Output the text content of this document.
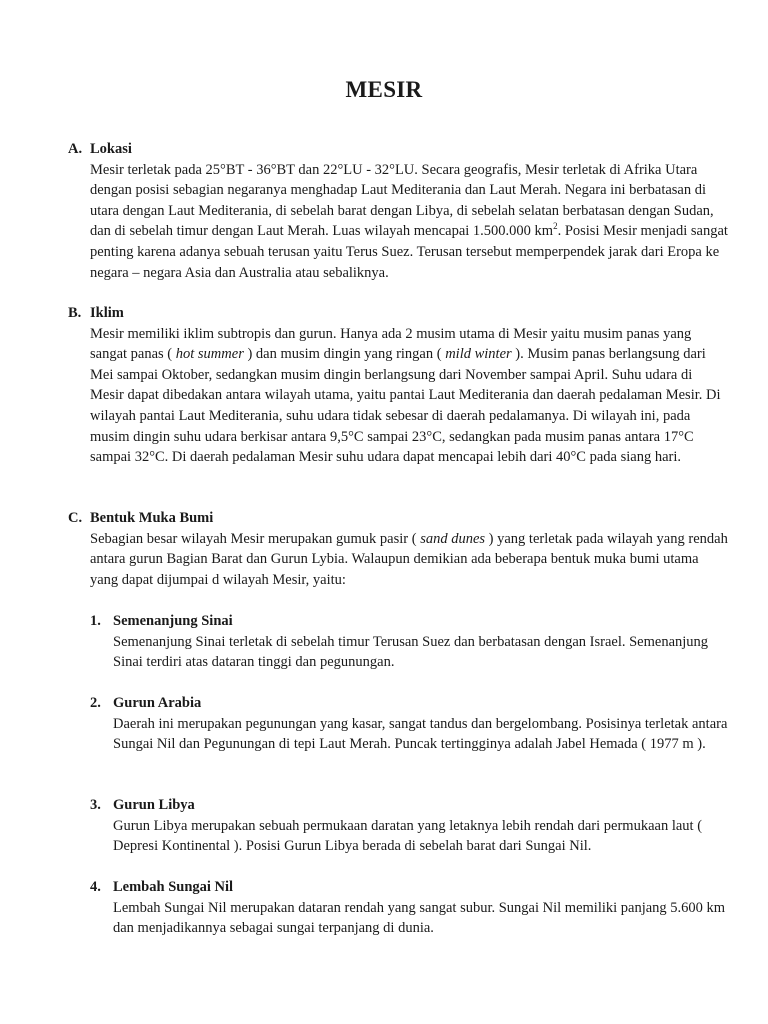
MESIR
A. Lokasi

Mesir terletak pada 25°BT - 36°BT dan 22°LU - 32°LU. Secara geografis, Mesir terletak di Afrika Utara dengan posisi sebagian negaranya menghadap Laut Mediterania dan Laut Merah. Negara ini berbatasan di utara dengan Laut Mediterania, di sebelah barat dengan Libya, di sebelah selatan berbatasan dengan Sudan, dan di sebelah timur dengan Laut Merah. Luas wilayah mencapai 1.500.000 $km^2$. Posisi Mesir menjadi sangat penting karena adanya sebuah terusan yaitu Terus Suez. Terusan tersebut memperpendek jarak dari Eropa ke negara – negara Asia dan Australia atau sebaliknya.

B. Iklim

Mesir memiliki iklim subtropis dan gurun. Hanya ada 2 musim utama di Mesir yaitu musim panas yang sangat panas ( hot summer ) dan musim dingin yang ringan ( mild winter ). Musim panas berlangsung dari Mei sampai Oktober, sedangkan musim dingin berlangsung dari November sampai April. Suhu udara di Mesir dapat dibedakan antara wilayah utama, yaitu pantai Laut Mediterania dan daerah pedalaman Mesir. Di wilayah pantai Laut Mediterania, suhu udara tidak sebesar di daerah pedalamanya. Di wilayah ini, pada musim dingin suhu udara berkisar antara 9,5°C sampai 23°C, sedangkan pada musim panas antara 17°C sampai 32°C. Di daerah pedalaman Mesir suhu udara dapat mencapai lebih dari 40°C pada siang hari.

C. Bentuk Muka Bumi

Sebagian besar wilayah Mesir merupakan gumuk pasir ( sand dunes ) yang terletak pada wilayah yang rendah antara gurun Bagian Barat dan Gurun Lybia. Walaupun demikian ada beberapa bentuk muka bumi utama yang dapat dijumpai d wilayah Mesir, yaitu:

1. Semenanjung Sinai

Semenanjung Sinai terletak di sebelah timur Terusan Suez dan berbatasan dengan Israel. Semenanjung Sinai terdiri atas dataran tinggi dan pegunungan.

2. Gurun Arabia

Daerah ini merupakan pegunungan yang kasar, sangat tandus dan bergelombang. Posisinya terletak antara Sungai Nil dan Pegunungan di tepi Laut Merah. Puncak tertingginya adalah Jabel Hemada ( 1977 m ).

3. Gurun Libya

Gurun Libya merupakan sebuah permukaan daratan yang letaknya lebih rendah dari permukaan laut ( Depresi Kontinental ). Posisi Gurun Libya berada di sebelah barat dari Sungai Nil.

4. Lembah Sungai Nil

Lembah Sungai Nil merupakan dataran rendah yang sangat subur. Sungai Nil memiliki panjang 5.600 km dan menjadikannya sebagai sungai terpanjang di dunia.
